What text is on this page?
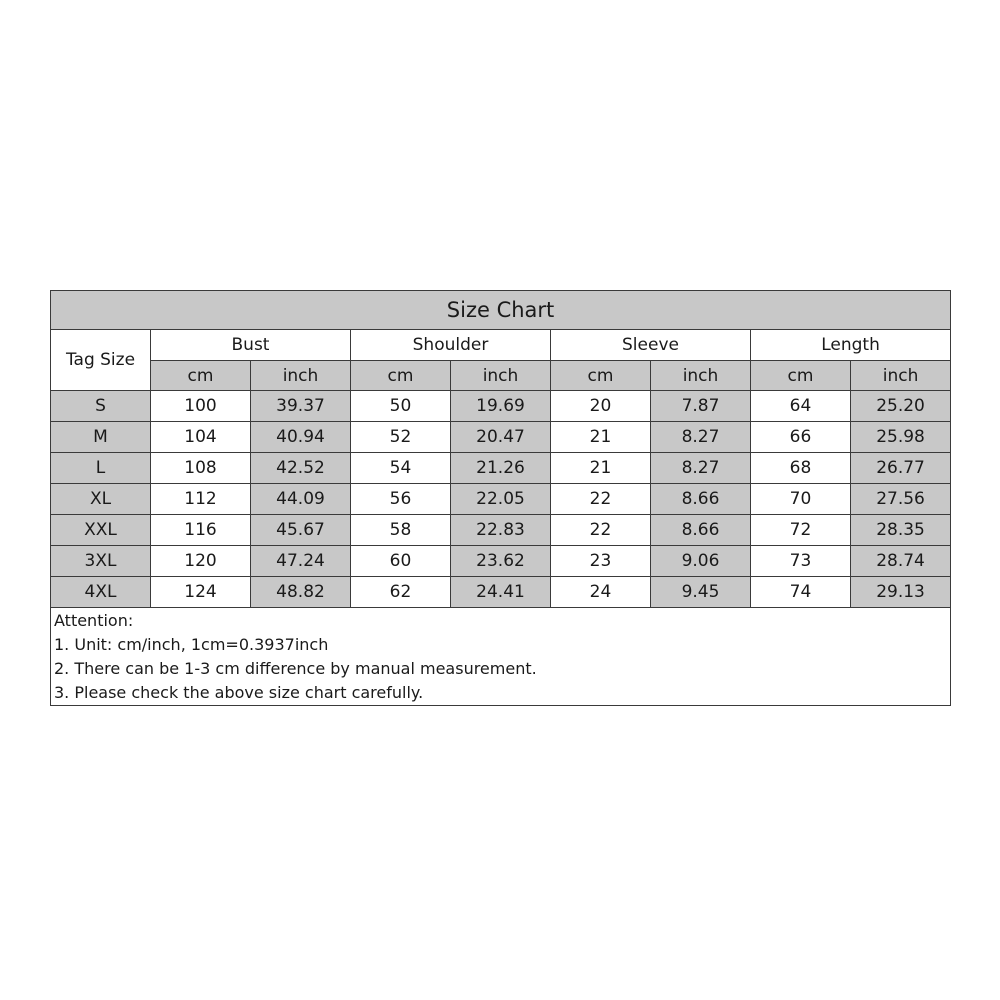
Size Chart								
Tag Size	Bust		Shoulder		Sleeve		Length	
	cm	inch	cm	inch	cm	inch	cm	inch
S	100	39.37	50	19.69	20	7.87	64	25.20
M	104	40.94	52	20.47	21	8.27	66	25.98
L	108	42.52	54	21.26	21	8.27	68	26.77
XL	112	44.09	56	22.05	22	8.66	70	27.56
XXL	116	45.67	58	22.83	22	8.66	72	28.35
3XL	120	47.24	60	23.62	23	9.06	73	28.74
4XL	124	48.82	62	24.41	24	9.45	74	29.13

Attention:
1. Unit: cm/inch, 1cm=0.3937inch
2. There can be 1-3 cm difference by manual measurement.
3. Please check the above size chart carefully.								
